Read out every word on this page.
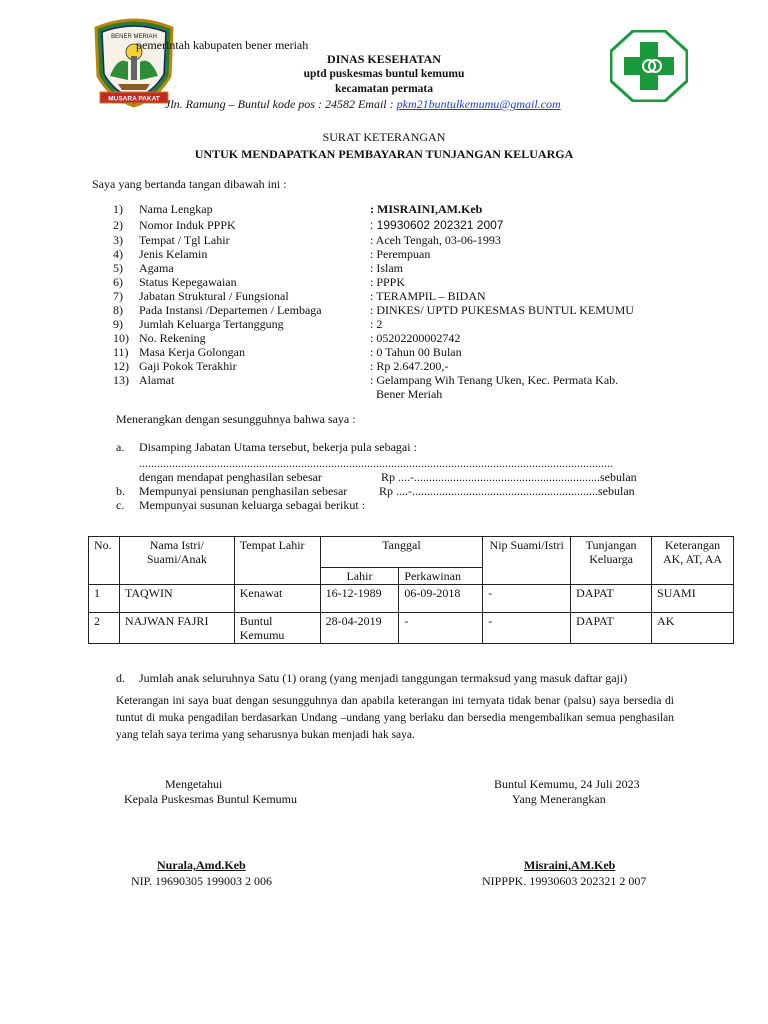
BENER MERIAH
MUSARA PAKAT
pemerintah kabupaten bener meriah
DINAS KESEHATAN
uptd puskesmas buntul kemumu
kecamatan permata
Jln. Ramung – Buntul kode pos : 24582 Email : pkm21buntulkemumu@gmail.com
SURAT KETERANGAN
UNTUK MENDAPATKAN PEMBAYARAN TUNJANGAN KELUARGA
Saya yang bertanda tangan dibawah ini :
1)	Nama Lengkap	: MISRAINI,AM.Keb
2)	Nomor Induk PPPK	: 19930602 202321 2007
3)	Tempat / Tgl Lahir	: Aceh Tengah, 03-06-1993
4)	Jenis Kelamin	: Perempuan
5)	Agama	: Islam
6)	Status Kepegawaian	: PPPK
7)	Jabatan Struktural / Fungsional	: TERAMPIL – BIDAN
8)	Pada Instansi /Departemen / Lembaga	: DINKES/ UPTD PUKESMAS BUNTUL KEMUMU
9)	Jumlah Keluarga Tertanggung	: 2
10) No. Rekening	: 05202200002742
11) Masa Kerja Golongan	: 0 Tahun 00 Bulan
12) Gaji Pokok Terakhir	: Rp 2.647.200,-
13) Alamat	: Gelampang Wih Tenang Uken, Kec. Permata Kab.
Bener Meriah
Menerangkan dengan sesungguhnya bahwa saya :
a. Disamping Jabatan Utama tersebut, bekerja pula sebagai :
..............................................................................................................................................................
dengan mendapat penghasilan sebesar	Rp ....-..............................................................sebulan
b. Mempunyai pensiunan penghasilan sebesar	Rp ....-..............................................................sebulan
c. Mempunyai susunan keluarga sebagai berikut :
No.	Nama Istri/ Suami/Anak	Tempat Lahir	Tanggal		Nip Suami/Istri	Tunjangan Keluarga	Keterangan AK, AT, AA
			Lahir	Perkawinan			
1	TAQWIN	Kenawat	16-12-1989	06-09-2018	-	DAPAT	SUAMI
2	NAJWAN FAJRI	Buntul Kemumu	28-04-2019	-	-	DAPAT	AK
d. Jumlah anak seluruhnya Satu (1) orang (yang menjadi tanggungan termaksud yang masuk daftar gaji)
Keterangan ini saya buat dengan sesungguhnya dan apabila keterangan ini ternyata tidak benar (palsu) saya bersedia di tuntut di muka pengadilan berdasarkan Undang –undang yang berlaku dan bersedia mengembalikan semua penghasilan yang telah saya terima yang seharusnya bukan menjadi hak saya.
Mengetahui
Kepala Puskesmas Buntul Kemumu
Nurala,Amd.Keb
NIP. 19690305 199003 2 006
Buntul Kemumu, 24 Juli 2023
Yang Menerangkan
Misraini,AM.Keb
NIPPPK. 19930603 202321 2 007
